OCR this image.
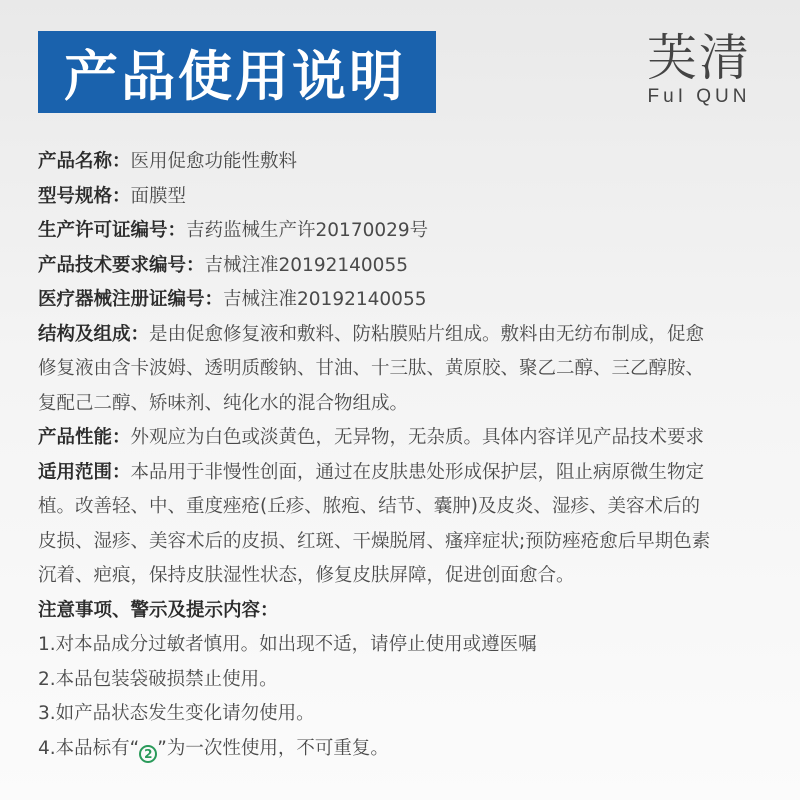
产品使用说明	芙清
FuI QUN
产品名称：医用促愈功能性敷料
型号规格：面膜型
生产许可证编号：吉药监械生产许20170029号
产品技术要求编号：吉械注准20192140055
医疗器械注册证编号：吉械注准20192140055
结构及组成：是由促愈修复液和敷料、防粘膜贴片组成。敷料由无纺布制成，促愈
修复液由含卡波姆、透明质酸钠、甘油、十三肽、黄原胶、聚乙二醇、三乙醇胺、
复配己二醇、矫味剂、纯化水的混合物组成。
产品性能：外观应为白色或淡黄色，无异物，无杂质。具体内容详见产品技术要求
适用范围：本品用于非慢性创面，通过在皮肤患处形成保护层，阻止病原微生物定
植。改善轻、中、重度痤疮(丘疹、脓疱、结节、囊肿)及皮炎、湿疹、美容术后的
皮损、湿疹、美容术后的皮损、红斑、干燥脱屑、瘙痒症状;预防痤疮愈后早期色素
沉着、疤痕，保持皮肤湿性状态，修复皮肤屏障，促进创面愈合。
注意事项、警示及提示内容：
1.对本品成分过敏者慎用。如出现不适，请停止使用或遵医嘱
2.本品包装袋破损禁止使用。
3.如产品状态发生变化请勿使用。
4.本品标有“ 2 ”为一次性使用，不可重复。
